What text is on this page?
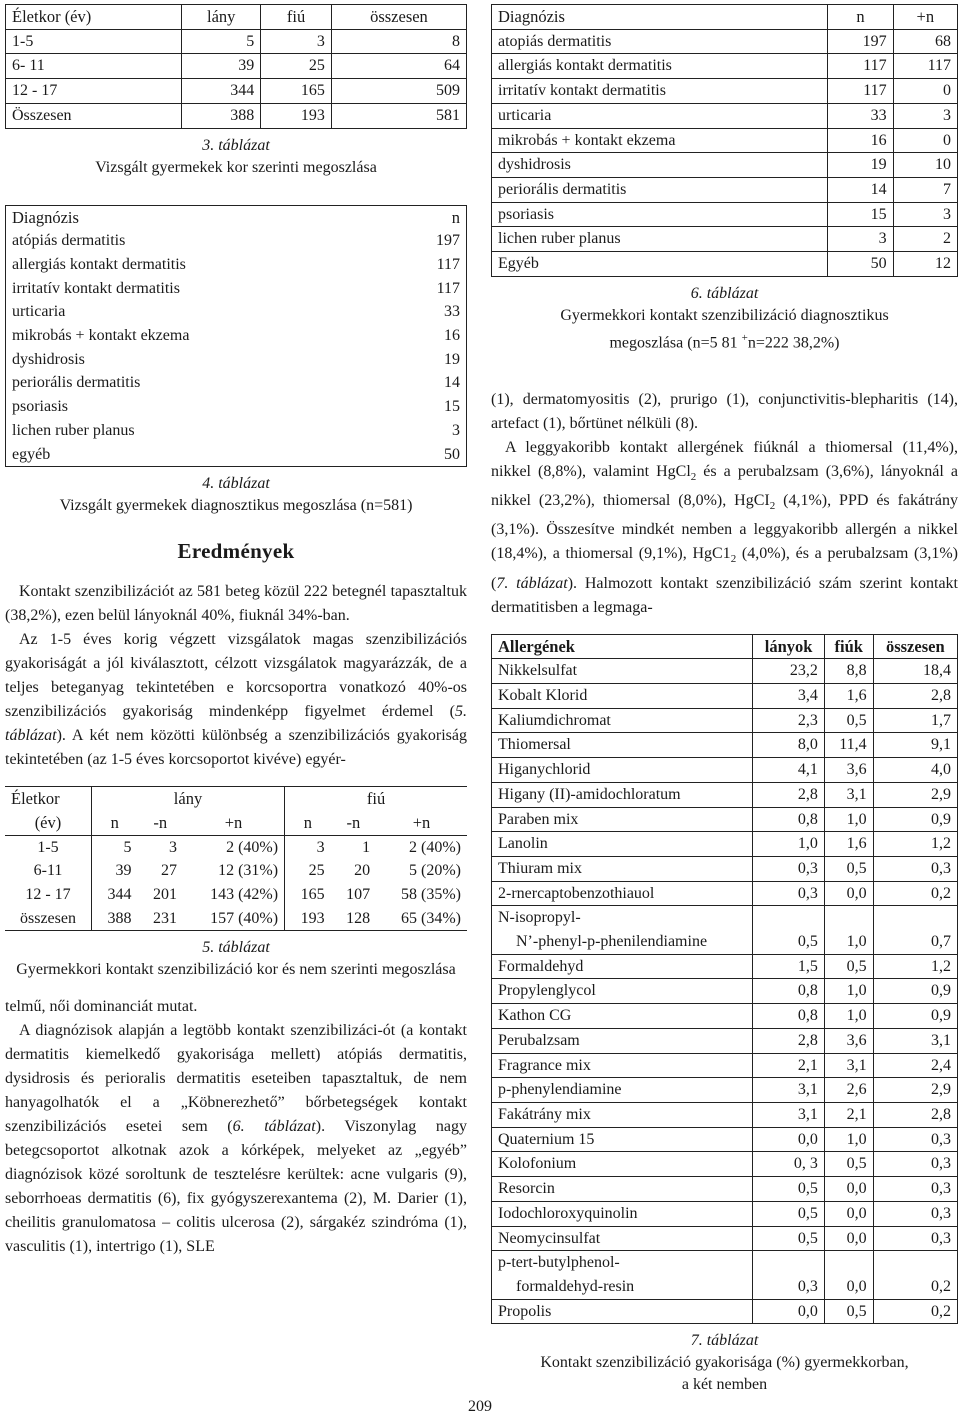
Életkor (év)	lány	fiú	összesen
1-5	5	3	8
6- 11	39	25	64
12 - 17	344	165	509
Összesen	388	193	581
3. táblázat
Vizsgált gyermekek kor szerinti megoszlása
Diagnózis	n
atópiás dermatitis	197
allergiás kontakt dermatitis	117
irritatív kontakt dermatitis	117
urticaria	33
mikrobás + kontakt ekzema	16
dyshidrosis	19
periorális dermatitis	14
psoriasis	15
lichen ruber planus	3
egyéb	50
4. táblázat
Vizsgált gyermekek diagnosztikus megoszlása (n=581)
Eredmények

Kontakt szenzibilizációt az 581 beteg közül 222 betegnél tapasztaltuk (38,2%), ezen belül lányoknál 40%, fiuknál 34%-ban.

Az 1-5 éves korig végzett vizsgálatok magas szenzibilizációs gyakoriságát a jól kiválasztott, célzott vizsgálatok magyarázzák, de a teljes beteganyag tekintetében e korcsoportra vonatkozó 40%-os szenzibilizációs gyakoriság mindenképp figyelmet érdemel (5. táblázat). A két nem közötti különbség a szenzibilizációs gyakoriság tekintetében (az 1-5 éves korcsoportot kivéve) egyér-

Életkor	lány			fiú		
(év)	n	-n	+n	n	-n	+n
1-5	5	3	2 (40%)	3	1	2 (40%)
6-11	39	27	12 (31%)	25	20	5 (20%)
12 - 17	344	201	143 (42%)	165	107	58 (35%)
összesen	388	231	157 (40%)	193	128	65 (34%)
5. táblázat
Gyermekkori kontakt szenzibilizáció kor és nem szerinti megoszlása

telmű, női dominanciát mutat.

A diagnózisok alapján a legtöbb kontakt szenzibilizáci-ót (a kontakt dermatitis kiemelkedő gyakorisága mellett) atópiás dermatitis, dysidrosis és perioralis dermatitis eseteiben tapasztaltuk, de nem hanyagolhatók el a „Köbnerezhető” bőrbetegségek kontakt szenzibilizációs esetei sem (6. táblázat). Viszonylag nagy betegcsoportot alkotnak azok a kórképek, melyeket az „egyéb” diagnózisok közé soroltunk de tesztelésre kerültek: acne vulgaris (9), seborrhoeas dermatitis (6), fix gyógyszerexantema (2), M. Darier (1), cheilitis granulomatosa – colitis ulcerosa (2), sárgakéz szindróma (1), vasculitis (1), intertrigo (1), SLE

Diagnózis	n	+n
atopiás dermatitis	197	68
allergiás kontakt dermatitis	117	117
irritatív kontakt dermatitis	117	0
urticaria	33	3
mikrobás + kontakt ekzema	16	0
dyshidrosis	19	10
periorális dermatitis	14	7
psoriasis	15	3
lichen ruber planus	3	2
Egyéb	50	12
6. táblázat
Gyermekkori kontakt szenzibilizáció diagnosztikus
megoszlása (n=5 81 +n=222 38,2%)

(1), dermatomyositis (2), prurigo (1), conjunctivitis-blepharitis (14), artefact (1), bőrtünet nélküli (8).

A leggyakoribb kontakt allergének fiúknál a thiomersal (11,4%), nikkel (8,8%), valamint HgCl$_2$ és a perubalzsam (3,6%), lányoknál a nikkel (23,2%), thiomersal (8,0%), HgCI$_2$ (4,1%), PPD és fakátrány (3,1%). Összesítve mindkét nemben a leggyakoribb allergén a nikkel (18,4%), a thiomersal (9,1%), $HgC1_2$ (4,0%), és a perubalzsam (3,1%) (7. táblázat). Halmozott kontakt szenzibilizáció szám szerint kontakt dermatitisben a legmaga-

Allergének	lányok	fiúk	összesen

Nikkelsulfat	23,2	8,8	18,4

Kobalt Klorid	3,4	1,6	2,8

Kaliumdichromat	2,3	0,5	1,7

Thiomersal	8,0	11,4	9,1

Higanychlorid	4,1	3,6	4,0

Higany (II)-amidochloratum	2,8	3,1	2,9

Paraben mix	0,8	1,0	0,9

Lanolin	1,0	1,6	1,2

Thiuram mix	0,3	0,5	0,3

2-rnercaptobenzothiauol	0,3	0,0	0,2

N-isopropyl-
N’-phenyl-p-phenilendiamine	0,5	1,0	0,7

Formaldehyd	1,5	0,5	1,2

Propylenglycol	0,8	1,0	0,9

Kathon CG	0,8	1,0	0,9

Perubalzsam	2,8	3,6	3,1

Fragrance mix	2,1	3,1	2,4

p-phenylendiamine	3,1	2,6	2,9

Fakátrány mix	3,1	2,1	2,8

Quaternium 15	0,0	1,0	0,3

Kolofonium	0, 3	0,5	0,3

Resorcin	0,5	0,0	0,3

Iodochloroxyquinolin	0,5	0,0	0,3

Neomycinsulfat	0,5	0,0	0,3

p-tert-butylphenol-
formaldehyd-resin	0,3	0,0	0,2

Propolis	0,0	0,5	0,2
7. táblázat
Kontakt szenzibilizáció gyakorisága (%) gyermekkorban,
a két nemben
209
